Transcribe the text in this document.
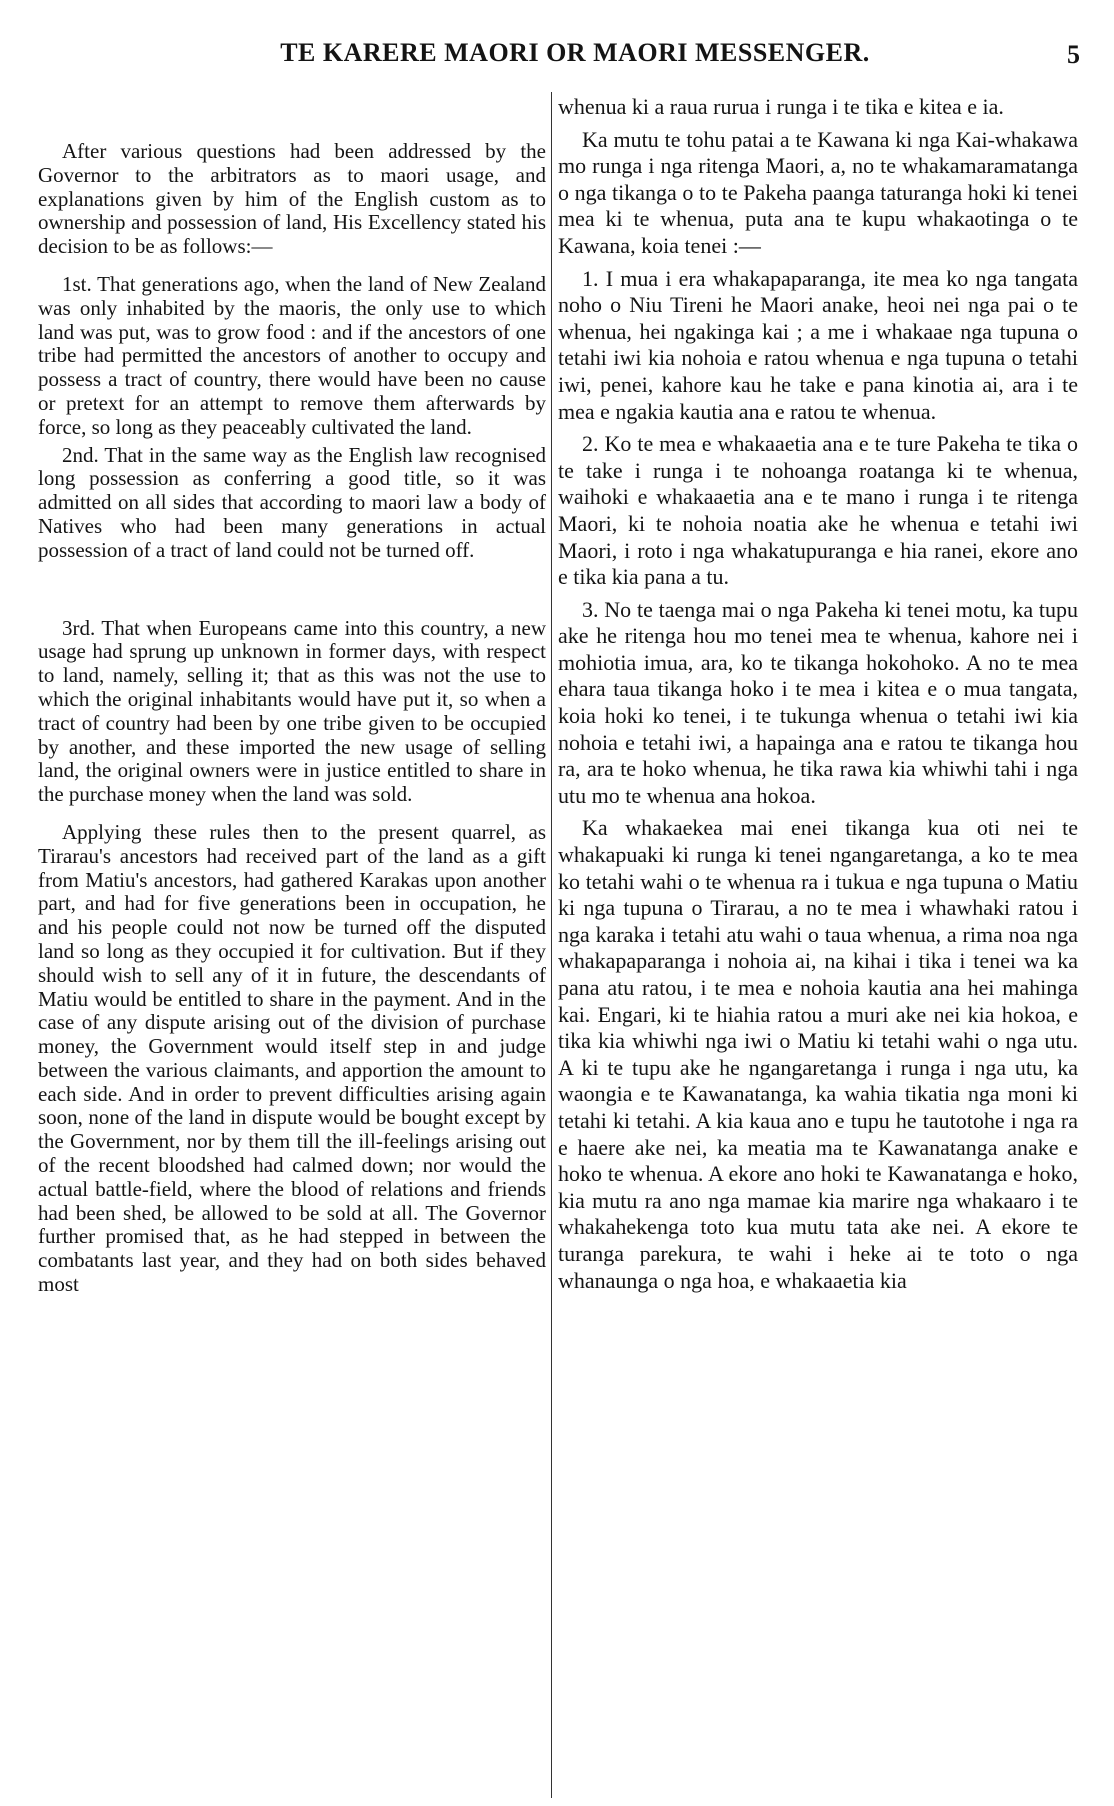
TE KARERE MAORI OR MAORI MESSENGER.	5

After various questions had been addressed by the Governor to the arbitrators as to maori usage, and explanations given by him of the English custom as to ownership and possession of land, His Excellency stated his decision to be as follows:—

1st. That generations ago, when the land of New Zealand was only inhabited by the maoris, the only use to which land was put, was to grow food : and if the ancestors of one tribe had permitted the ancestors of another to occupy and possess a tract of country, there would have been no cause or pretext for an attempt to remove them afterwards by force, so long as they peaceably cultivated the land.

2nd. That in the same way as the English law recognised long possession as conferring a good title, so it was admitted on all sides that according to maori law a body of Natives who had been many generations in actual possession of a tract of land could not be turned off.

3rd. That when Europeans came into this country, a new usage had sprung up unknown in former days, with respect to land, namely, selling it; that as this was not the use to which the original inhabitants would have put it, so when a tract of country had been by one tribe given to be occupied by another, and these imported the new usage of selling land, the original owners were in justice entitled to share in the purchase money when the land was sold.

Applying these rules then to the present quarrel, as Tirarau's ancestors had received part of the land as a gift from Matiu's ancestors, had gathered Karakas upon another part, and had for five generations been in occupation, he and his people could not now be turned off the disputed land so long as they occupied it for cultivation. But if they should wish to sell any of it in future, the descendants of Matiu would be entitled to share in the payment. And in the case of any dispute arising out of the division of purchase money, the Government would itself step in and judge between the various claimants, and apportion the amount to each side. And in order to prevent difficulties arising again soon, none of the land in dispute would be bought except by the Government, nor by them till the ill-feelings arising out of the recent bloodshed had calmed down; nor would the actual battle-field, where the blood of relations and friends had been shed, be allowed to be sold at all. The Governor further promised that, as he had stepped in between the combatants last year, and they had on both sides behaved most

whenua ki a raua rurua i runga i te tika e kitea e ia.

Ka mutu te tohu patai a te Kawana ki nga Kai-whakawa mo runga i nga ritenga Maori, a, no te whakamaramatanga o nga tikanga o to te Pakeha paanga taturanga hoki ki tenei mea ki te whenua, puta ana te kupu whakaotinga o te Kawana, koia tenei :—

1. I mua i era whakapaparanga, ite mea ko nga tangata noho o Niu Tireni he Maori anake, heoi nei nga pai o te whenua, hei ngakinga kai ; a me i whakaae nga tupuna o tetahi iwi kia nohoia e ratou whenua e nga tupuna o tetahi iwi, penei, kahore kau he take e pana kinotia ai, ara i te mea e ngakia kautia ana e ratou te whenua.

2. Ko te mea e whakaaetia ana e te ture Pakeha te tika o te take i runga i te nohoanga roatanga ki te whenua, waihoki e whakaaetia ana e te mano i runga i te ritenga Maori, ki te nohoia noatia ake he whenua e tetahi iwi Maori, i roto i nga whakatupuranga e hia ranei, ekore ano e tika kia pana a tu.

3. No te taenga mai o nga Pakeha ki tenei motu, ka tupu ake he ritenga hou mo tenei mea te whenua, kahore nei i mohiotia imua, ara, ko te tikanga hokohoko. A no te mea ehara taua tikanga hoko i te mea i kitea e o mua tangata, koia hoki ko tenei, i te tukunga whenua o tetahi iwi kia nohoia e tetahi iwi, a hapainga ana e ratou te tikanga hou ra, ara te hoko whenua, he tika rawa kia whiwhi tahi i nga utu mo te whenua ana hokoa.

Ka whakaekea mai enei tikanga kua oti nei te whakapuaki ki runga ki tenei ngangaretanga, a ko te mea ko tetahi wahi o te whenua ra i tukua e nga tupuna o Matiu ki nga tupuna o Tirarau, a no te mea i whawhaki ratou i nga karaka i tetahi atu wahi o taua whenua, a rima noa nga whakapaparanga i nohoia ai, na kihai i tika i tenei wa ka pana atu ratou, i te mea e nohoia kautia ana hei mahinga kai. Engari, ki te hiahia ratou a muri ake nei kia hokoa, e tika kia whiwhi nga iwi o Matiu ki tetahi wahi o nga utu. A ki te tupu ake he ngangaretanga i runga i nga utu, ka waongia e te Kawanatanga, ka wahia tikatia nga moni ki tetahi ki tetahi. A kia kaua ano e tupu he tautotohe i nga ra e haere ake nei, ka meatia ma te Kawanatanga anake e hoko te whenua. A ekore ano hoki te Kawanatanga e hoko, kia mutu ra ano nga mamae kia marire nga whakaaro i te whakahekenga toto kua mutu tata ake nei. A ekore te turanga parekura, te wahi i heke ai te toto o nga whanaunga o nga hoa, e whakaaetia kia
